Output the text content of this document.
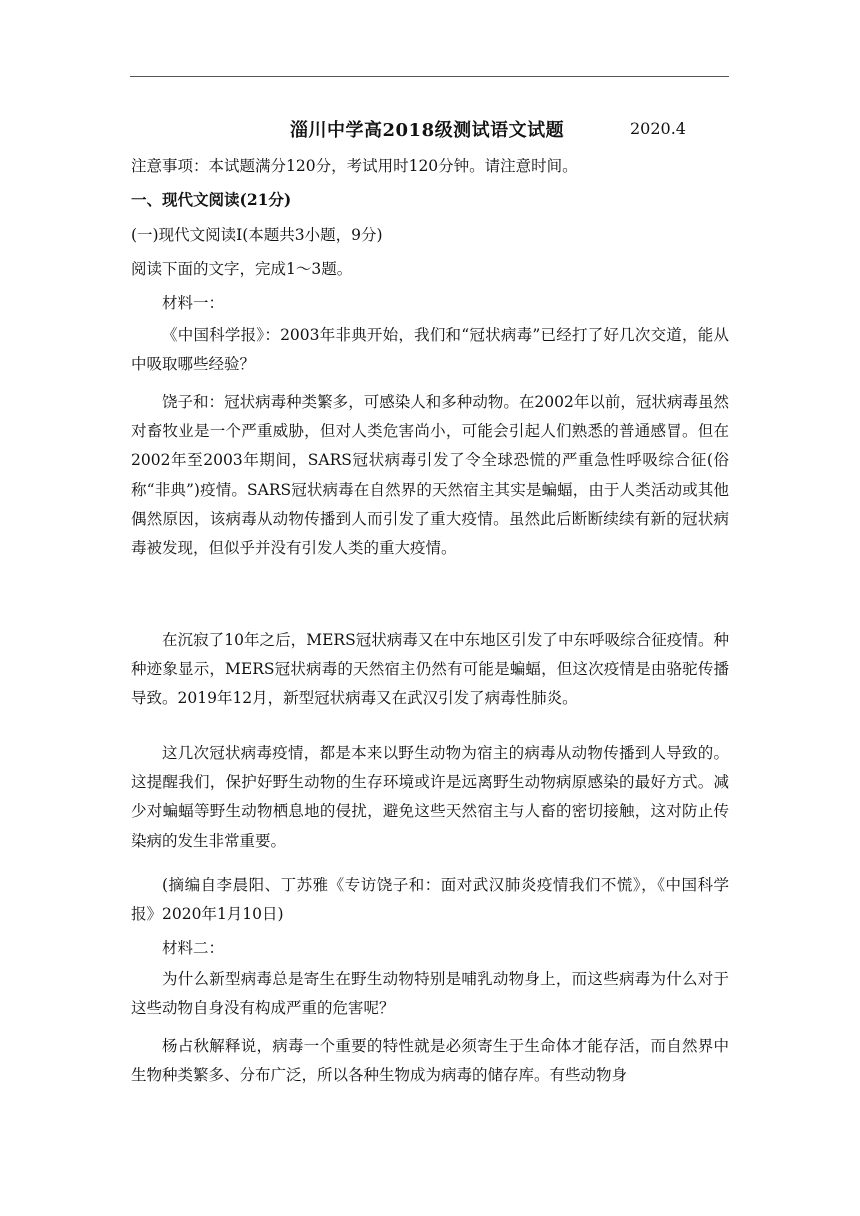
淄川中学高2018级测试语文试题	2020.4
注意事项：本试题满分120分，考试用时120分钟。请注意时间。
一、现代文阅读(21分)
(一)现代文阅读Ⅰ(本题共3小题，9分)
阅读下面的文字，完成1～3题。
材料一：
《中国科学报》：2003年非典开始，我们和“冠状病毒”已经打了好几次交道，能从中吸取哪些经验？
饶子和：冠状病毒种类繁多，可感染人和多种动物。在2002年以前，冠状病毒虽然对畜牧业是一个严重威胁，但对人类危害尚小，可能会引起人们熟悉的普通感冒。但在2002年至2003年期间，SARS冠状病毒引发了令全球恐慌的严重急性呼吸综合征(俗称“非典”)疫情。SARS冠状病毒在自然界的天然宿主其实是蝙蝠，由于人类活动或其他偶然原因，该病毒从动物传播到人而引发了重大疫情。虽然此后断断续续有新的冠状病毒被发现，但似乎并没有引发人类的重大疫情。
在沉寂了10年之后，MERS冠状病毒又在中东地区引发了中东呼吸综合征疫情。种种迹象显示，MERS冠状病毒的天然宿主仍然有可能是蝙蝠，但这次疫情是由骆驼传播导致。2019年12月，新型冠状病毒又在武汉引发了病毒性肺炎。
这几次冠状病毒疫情，都是本来以野生动物为宿主的病毒从动物传播到人导致的。这提醒我们，保护好野生动物的生存环境或许是远离野生动物病原感染的最好方式。减少对蝙蝠等野生动物栖息地的侵扰，避免这些天然宿主与人畜的密切接触，这对防止传染病的发生非常重要。
(摘编自李晨阳、丁苏雅《专访饶子和：面对武汉肺炎疫情我们不慌》，《中国科学报》2020年1月10日)
材料二：
为什么新型病毒总是寄生在野生动物特别是哺乳动物身上，而这些病毒为什么对于这些动物自身没有构成严重的危害呢？
杨占秋解释说，病毒一个重要的特性就是必须寄生于生命体才能存活，而自然界中生物种类繁多、分布广泛，所以各种生物成为病毒的储存库。有些动物身
